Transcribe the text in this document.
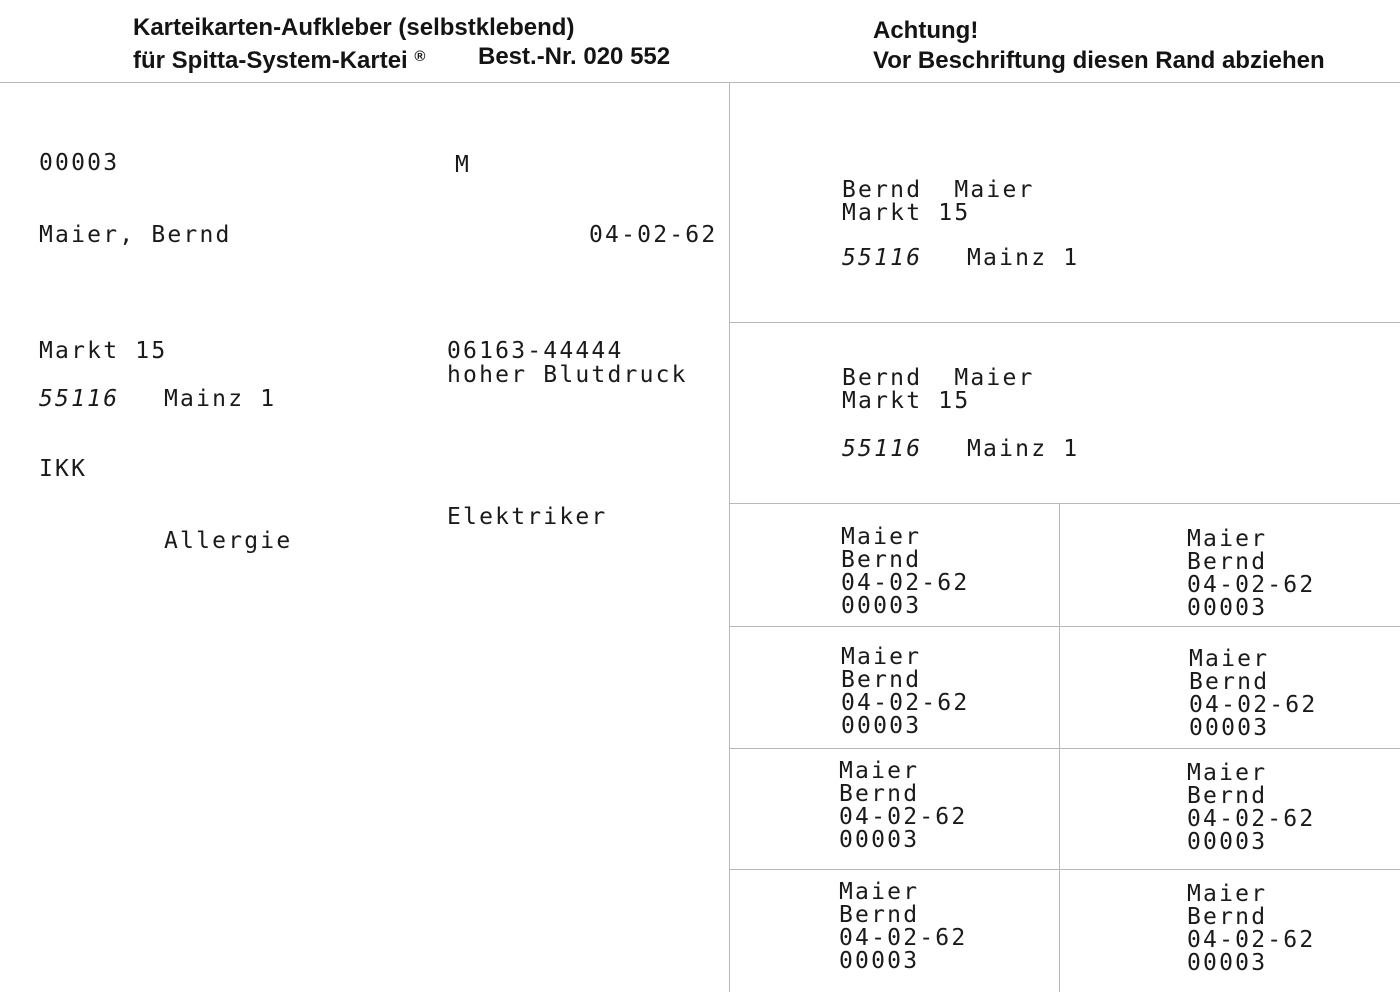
Karteikarten-Aufkleber (selbstklebend)
für Spitta-System-Kartei ® Best.-Nr. 020 552
Achtung!
Vor Beschriftung diesen Rand abziehen
00003	M
Maier, Bernd	04-02-62
Markt 15	06163-44444
hoher Blutdruck
55116 Mainz 1
IKK
Elektriker
Allergie
Bernd  Maier
Markt 15
55116 Mainz 1
Bernd  Maier
Markt 15
55116 Mainz 1
Maier
Bernd
04-02-62
00003
Maier
Bernd
04-02-62
00003
Maier
Bernd
04-02-62
00003
Maier
Bernd
04-02-62
00003
Maier
Bernd
04-02-62
00003
Maier
Bernd
04-02-62
00003
Maier
Bernd
04-02-62
00003
Maier
Bernd
04-02-62
00003
